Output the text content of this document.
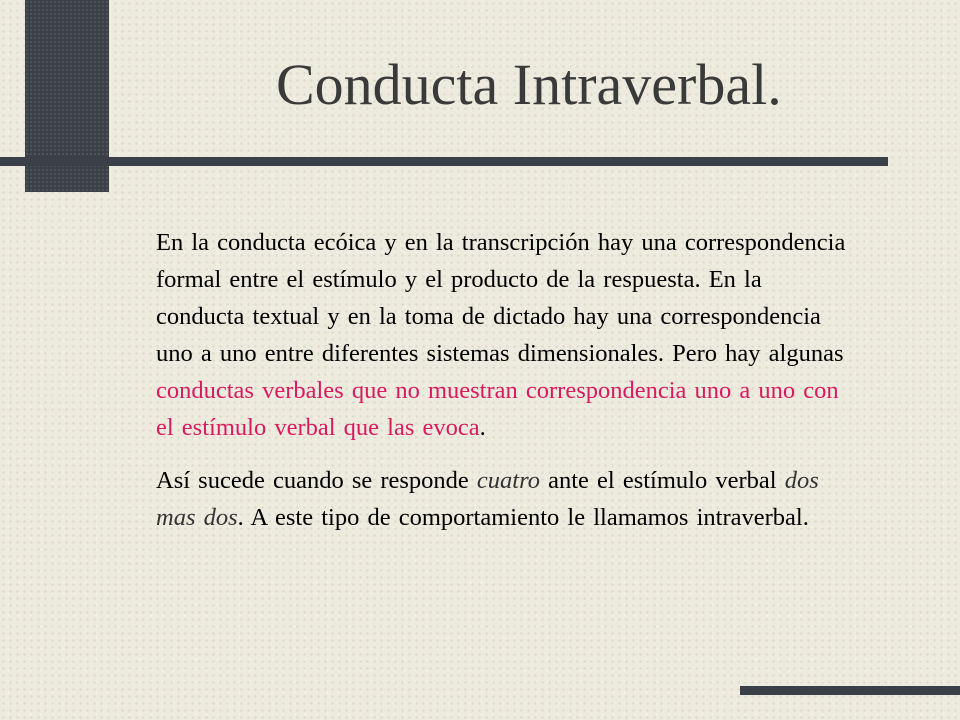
Conducta Intraverbal.

En la conducta ecóica y en la transcripción hay una correspondencia formal entre el estímulo y el producto de la respuesta. En la conducta textual y en la toma de dictado hay una correspondencia uno a uno entre diferentes sistemas dimensionales. Pero hay algunas conductas verbales que no muestran correspondencia uno a uno con el estímulo verbal que las evoca.

Así sucede cuando se responde cuatro ante el estímulo verbal dos mas dos. A este tipo de comportamiento le llamamos intraverbal.
